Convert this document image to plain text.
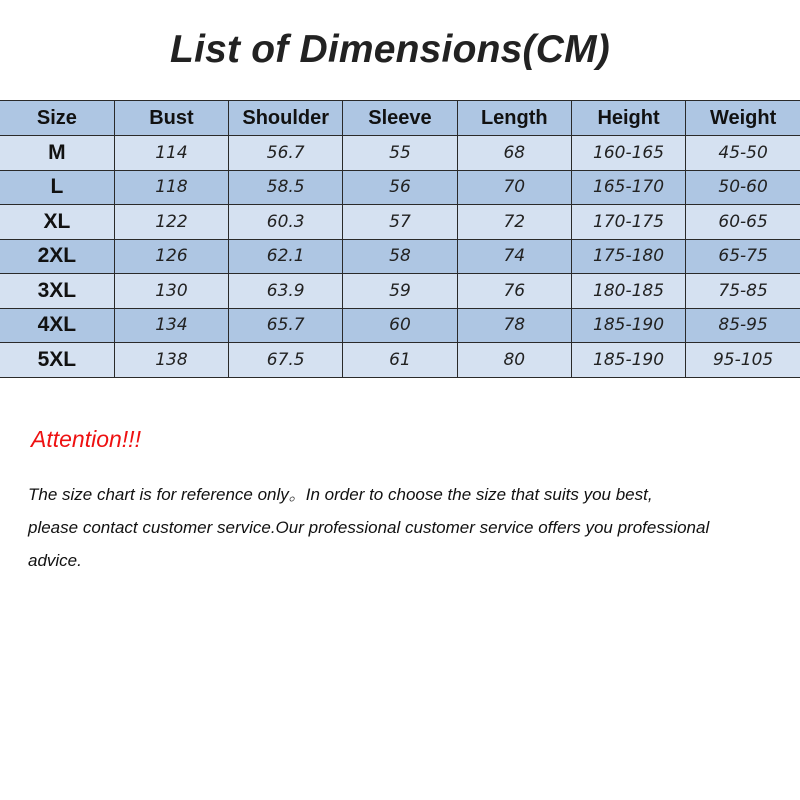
List of Dimensions(CM)
Size	Bust	Shoulder	Sleeve	Length	Height	Weight
M	114	56.7	55	68	160-165	45-50
L	118	58.5	56	70	165-170	50-60
XL	122	60.3	57	72	170-175	60-65
2XL	126	62.1	58	74	175-180	65-75
3XL	130	63.9	59	76	180-185	75-85
4XL	134	65.7	60	78	185-190	85-95
5XL	138	67.5	61	80	185-190	95-105
Attention!!!
The size chart is for reference only。In order to choose the size that suits you best,
please contact customer service.Our professional customer service offers you professional
advice.
